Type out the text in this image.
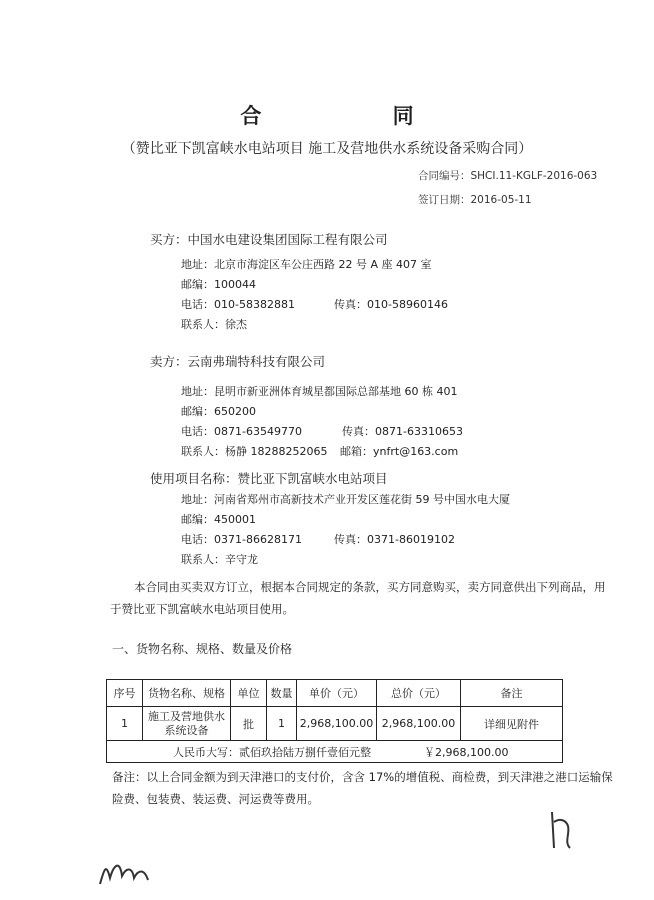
合 同
（赞比亚下凯富峡水电站项目 施工及营地供水系统设备采购合同）
合同编号：SHCI.11-KGLF-2016-063
签订日期：2016-05-11
买方：中国水电建设集团国际工程有限公司
地址：北京市海淀区车公庄西路 22 号 A 座 407 室
邮编：100044
电话：010-58382881	传真：010-58960146
联系人：徐杰
卖方：云南弗瑞特科技有限公司
地址：昆明市新亚洲体育城星都国际总部基地 60 栋 401
邮编：650200
电话：0871-63549770	传真：0871-63310653
联系人：杨静 18288252065 邮箱：ynfrt@163.com
使用项目名称：赞比亚下凯富峡水电站项目
地址：河南省郑州市高新技术产业开发区莲花街 59 号中国水电大厦
邮编：450001
电话：0371-86628171	传真：0371-86019102
联系人：辛守龙
本合同由买卖双方订立，根据本合同规定的条款，买方同意购买，卖方同意供出下列商品，用于赞比亚下凯富峡水电站项目使用。
一、货物名称、规格、数量及价格
序号	货物名称、规格	单位	数量	单价（元）	总价（元）	备注
1	施工及营地供水系统设备	批	1	2,968,100.00	2,968,100.00	详细见附件
人民币大写：贰佰玖拾陆万捌仟壹佰元整 ￥2,968,100.00						
备注：以上合同金额为到天津港口的支付价，含含 17%的增值税、商检费，到天津港之港口运输保险费、包装费、装运费、河运费等费用。
